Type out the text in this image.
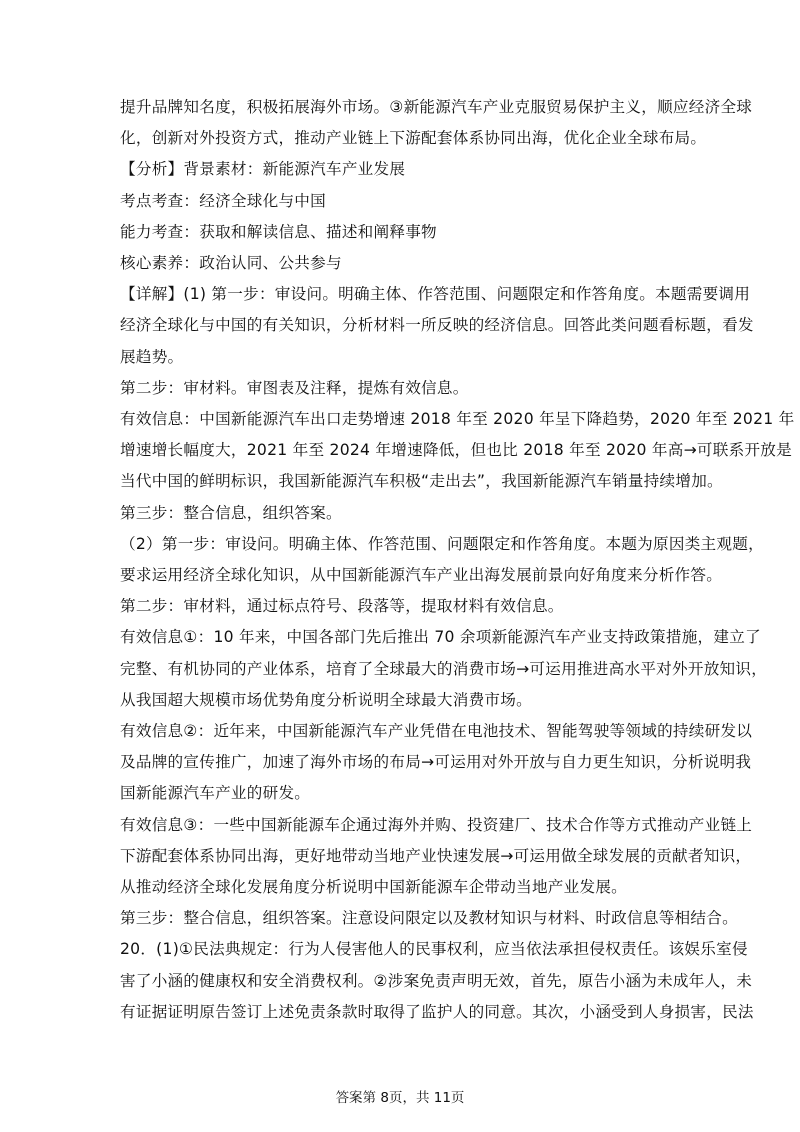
提升品牌知名度，积极拓展海外市场。③新能源汽车产业克服贸易保护主义，顺应经济全球
化，创新对外投资方式，推动产业链上下游配套体系协同出海，优化企业全球布局。

【分析】背景素材：新能源汽车产业发展

考点考查：经济全球化与中国

能力考查：获取和解读信息、描述和阐释事物

核心素养：政治认同、公共参与

【详解】(1) 第一步：审设问。明确主体、作答范围、问题限定和作答角度。本题需要调用
经济全球化与中国的有关知识，分析材料一所反映的经济信息。回答此类问题看标题，看发
展趋势。

第二步：审材料。审图表及注释，提炼有效信息。

有效信息：中国新能源汽车出口走势增速 2018 年至 2020 年呈下降趋势，2020 年至 2021 年
增速增长幅度大，2021 年至 2024 年增速降低，但也比 2018 年至 2020 年高→可联系开放是
当代中国的鲜明标识，我国新能源汽车积极“走出去”，我国新能源汽车销量持续增加。

第三步：整合信息，组织答案。

（2）第一步：审设问。明确主体、作答范围、问题限定和作答角度。本题为原因类主观题，
要求运用经济全球化知识，从中国新能源汽车产业出海发展前景向好角度来分析作答。

第二步：审材料，通过标点符号、段落等，提取材料有效信息。

有效信息①：10 年来，中国各部门先后推出 70 余项新能源汽车产业支持政策措施，建立了
完整、有机协同的产业体系，培育了全球最大的消费市场→可运用推进高水平对外开放知识，
从我国超大规模市场优势角度分析说明全球最大消费市场。

有效信息②：近年来，中国新能源汽车产业凭借在电池技术、智能驾驶等领域的持续研发以
及品牌的宣传推广，加速了海外市场的布局→可运用对外开放与自力更生知识，分析说明我
国新能源汽车产业的研发。

有效信息③：一些中国新能源车企通过海外并购、投资建厂、技术合作等方式推动产业链上
下游配套体系协同出海，更好地带动当地产业快速发展→可运用做全球发展的贡献者知识，
从推动经济全球化发展角度分析说明中国新能源车企带动当地产业发展。

第三步：整合信息，组织答案。注意设问限定以及教材知识与材料、时政信息等相结合。

20．(1)①民法典规定：行为人侵害他人的民事权利，应当依法承担侵权责任。该娱乐室侵
害了小涵的健康权和安全消费权利。②涉案免责声明无效，首先，原告小涵为未成年人，未
有证据证明原告签订上述免责条款时取得了监护人的同意。其次，小涵受到人身损害，民法

答案第 8页，共 11页
